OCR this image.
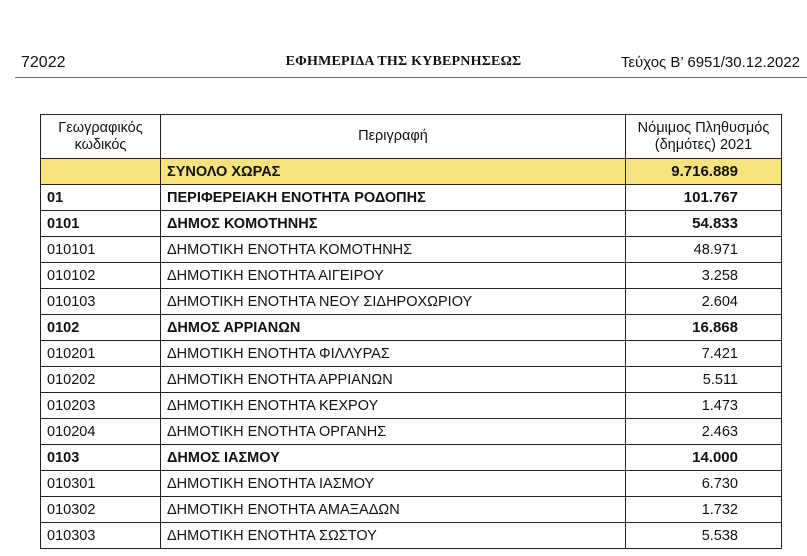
72022	ΕΦΗΜΕΡΙΔΑ ΤΗΣ ΚΥΒΕΡΝΗΣΕΩΣ	Τεύχος Β’ 6951/30.12.2022
Γεωγραφικός
κωδικός	Περιγραφή	Νόμιμος Πληθυσμός
(δημότες) 2021
	ΣΥΝΟΛΟ ΧΩΡΑΣ	9.716.889
01	ΠΕΡΙΦΕΡΕΙΑΚΗ ΕΝΟΤΗΤΑ ΡΟΔΟΠΗΣ	101.767
0101	ΔΗΜΟΣ ΚΟΜΟΤΗΝΗΣ	54.833
010101	ΔΗΜΟΤΙΚΗ ΕΝΟΤΗΤΑ ΚΟΜΟΤΗΝΗΣ	48.971
010102	ΔΗΜΟΤΙΚΗ ΕΝΟΤΗΤΑ ΑΙΓΕΙΡΟΥ	3.258
010103	ΔΗΜΟΤΙΚΗ ΕΝΟΤΗΤΑ ΝΕΟΥ ΣΙΔΗΡΟΧΩΡΙΟΥ	2.604
0102	ΔΗΜΟΣ ΑΡΡΙΑΝΩΝ	16.868
010201	ΔΗΜΟΤΙΚΗ ΕΝΟΤΗΤΑ ΦΙΛΛΥΡΑΣ	7.421
010202	ΔΗΜΟΤΙΚΗ ΕΝΟΤΗΤΑ ΑΡΡΙΑΝΩΝ	5.511
010203	ΔΗΜΟΤΙΚΗ ΕΝΟΤΗΤΑ ΚΕΧΡΟΥ	1.473
010204	ΔΗΜΟΤΙΚΗ ΕΝΟΤΗΤΑ ΟΡΓΑΝΗΣ	2.463
0103	ΔΗΜΟΣ ΙΑΣΜΟΥ	14.000
010301	ΔΗΜΟΤΙΚΗ ΕΝΟΤΗΤΑ ΙΑΣΜΟΥ	6.730
010302	ΔΗΜΟΤΙΚΗ ΕΝΟΤΗΤΑ ΑΜΑΞΑΔΩΝ	1.732
010303	ΔΗΜΟΤΙΚΗ ΕΝΟΤΗΤΑ ΣΩΣΤΟΥ	5.538
